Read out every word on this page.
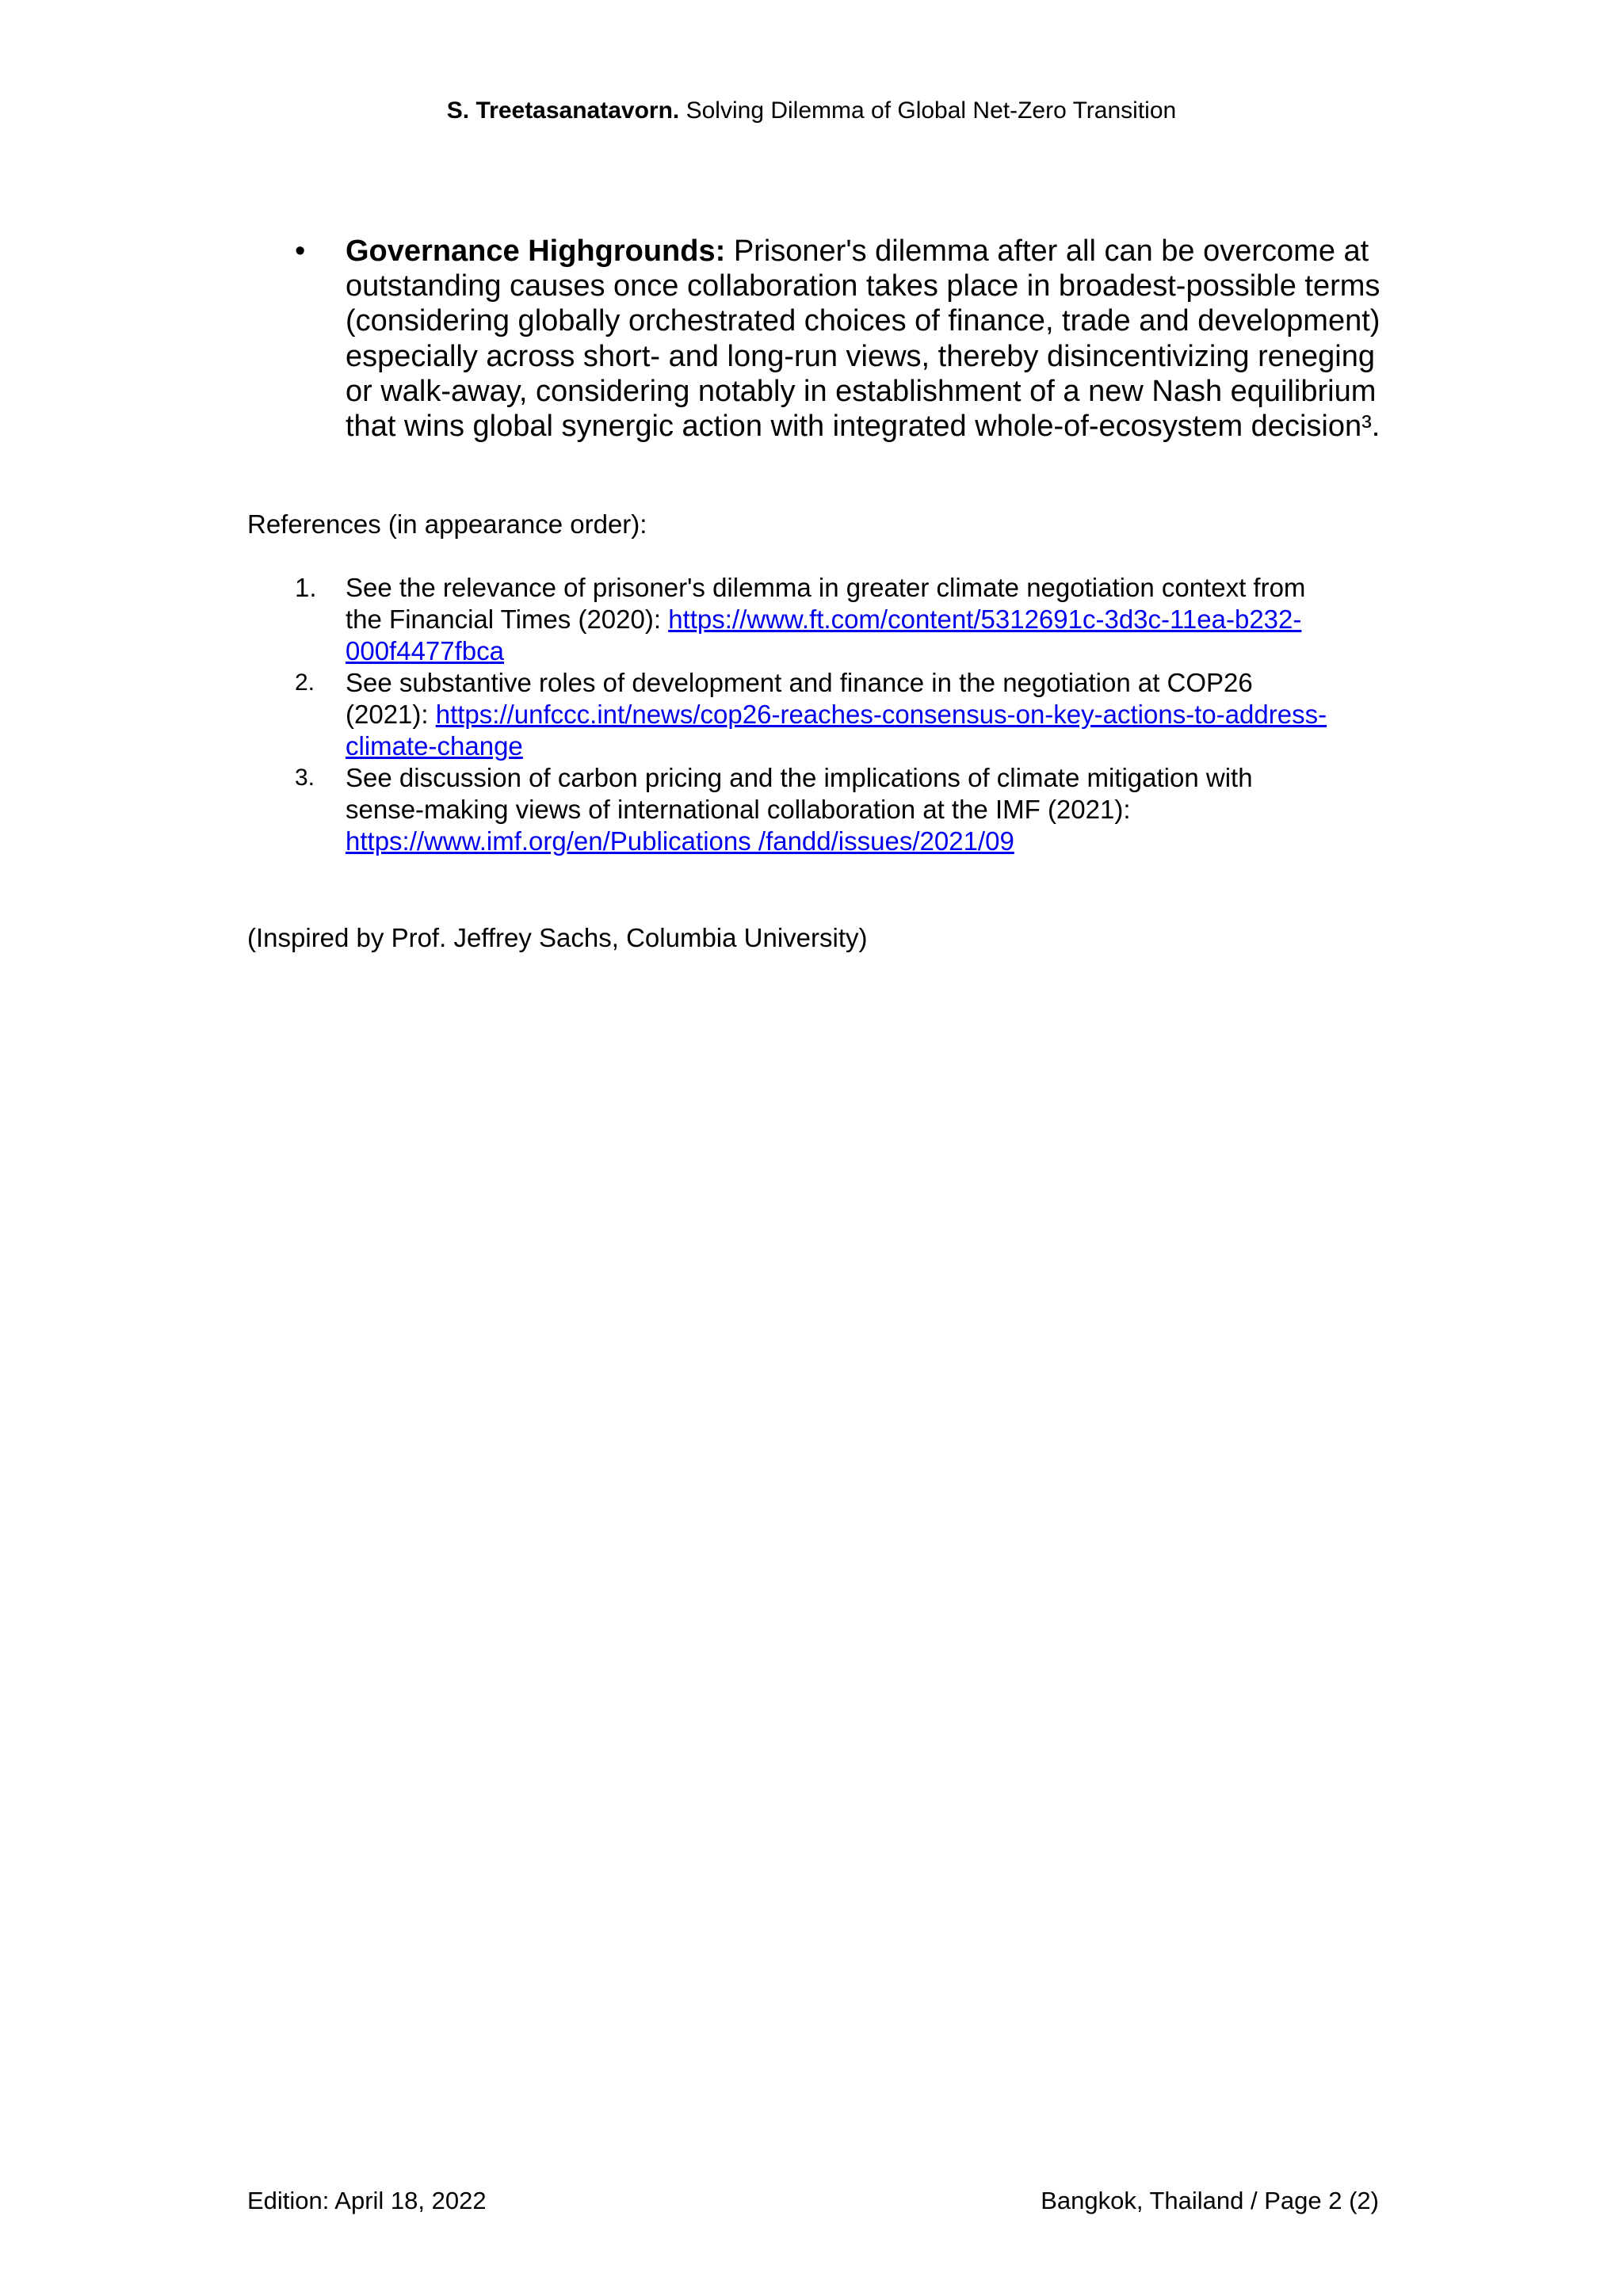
S. Treetasanatavorn. Solving Dilemma of Global Net-Zero Transition
• Governance Highgrounds: Prisoner's dilemma after all can be overcome at
outstanding causes once collaboration takes place in broadest-possible terms
(considering globally orchestrated choices of finance, trade and development)
especially across short- and long-run views, thereby disincentivizing reneging
or walk-away, considering notably in establishment of a new Nash equilibrium
that wins global synergic action with integrated whole-of-ecosystem decision³.
References (in appearance order):
1. See the relevance of prisoner's dilemma in greater climate negotiation context from
the Financial Times (2020): https://www.ft.com/content/5312691c-3d3c-11ea-b232-
000f4477fbca
2. See substantive roles of development and finance in the negotiation at COP26
(2021): https://unfccc.int/news/cop26-reaches-consensus-on-key-actions-to-address-
climate-change
3. See discussion of carbon pricing and the implications of climate mitigation with
sense-making views of international collaboration at the IMF (2021):
https://www.imf.org/en/Publications /fandd/issues/2021/09
(Inspired by Prof. Jeffrey Sachs, Columbia University)
Edition: April 18, 2022	Bangkok, Thailand / Page 2 (2)
